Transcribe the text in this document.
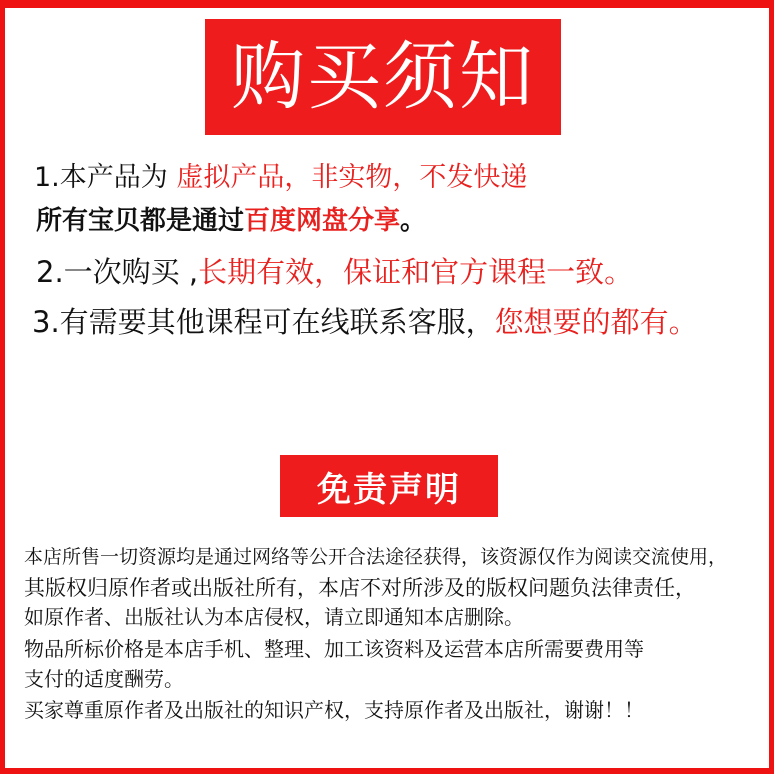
购买须知
1.本产品为 虚拟产品，非实物，不发快递
所有宝贝都是通过百度网盘分享。
2.一次购买 ,长期有效，保证和官方课程一致。
3.有需要其他课程可在线联系客服，您想要的都有。
免责声明
本店所售一切资源均是通过网络等公开合法途径获得，该资源仅作为阅读交流使用，
其版权归原作者或出版社所有，本店不对所涉及的版权问题负法律责任，
如原作者、出版社认为本店侵权，请立即通知本店删除。
物品所标价格是本店手机、整理、加工该资料及运营本店所需要费用等
支付的适度酬劳。
买家尊重原作者及出版社的知识产权，支持原作者及出版社，谢谢！！
